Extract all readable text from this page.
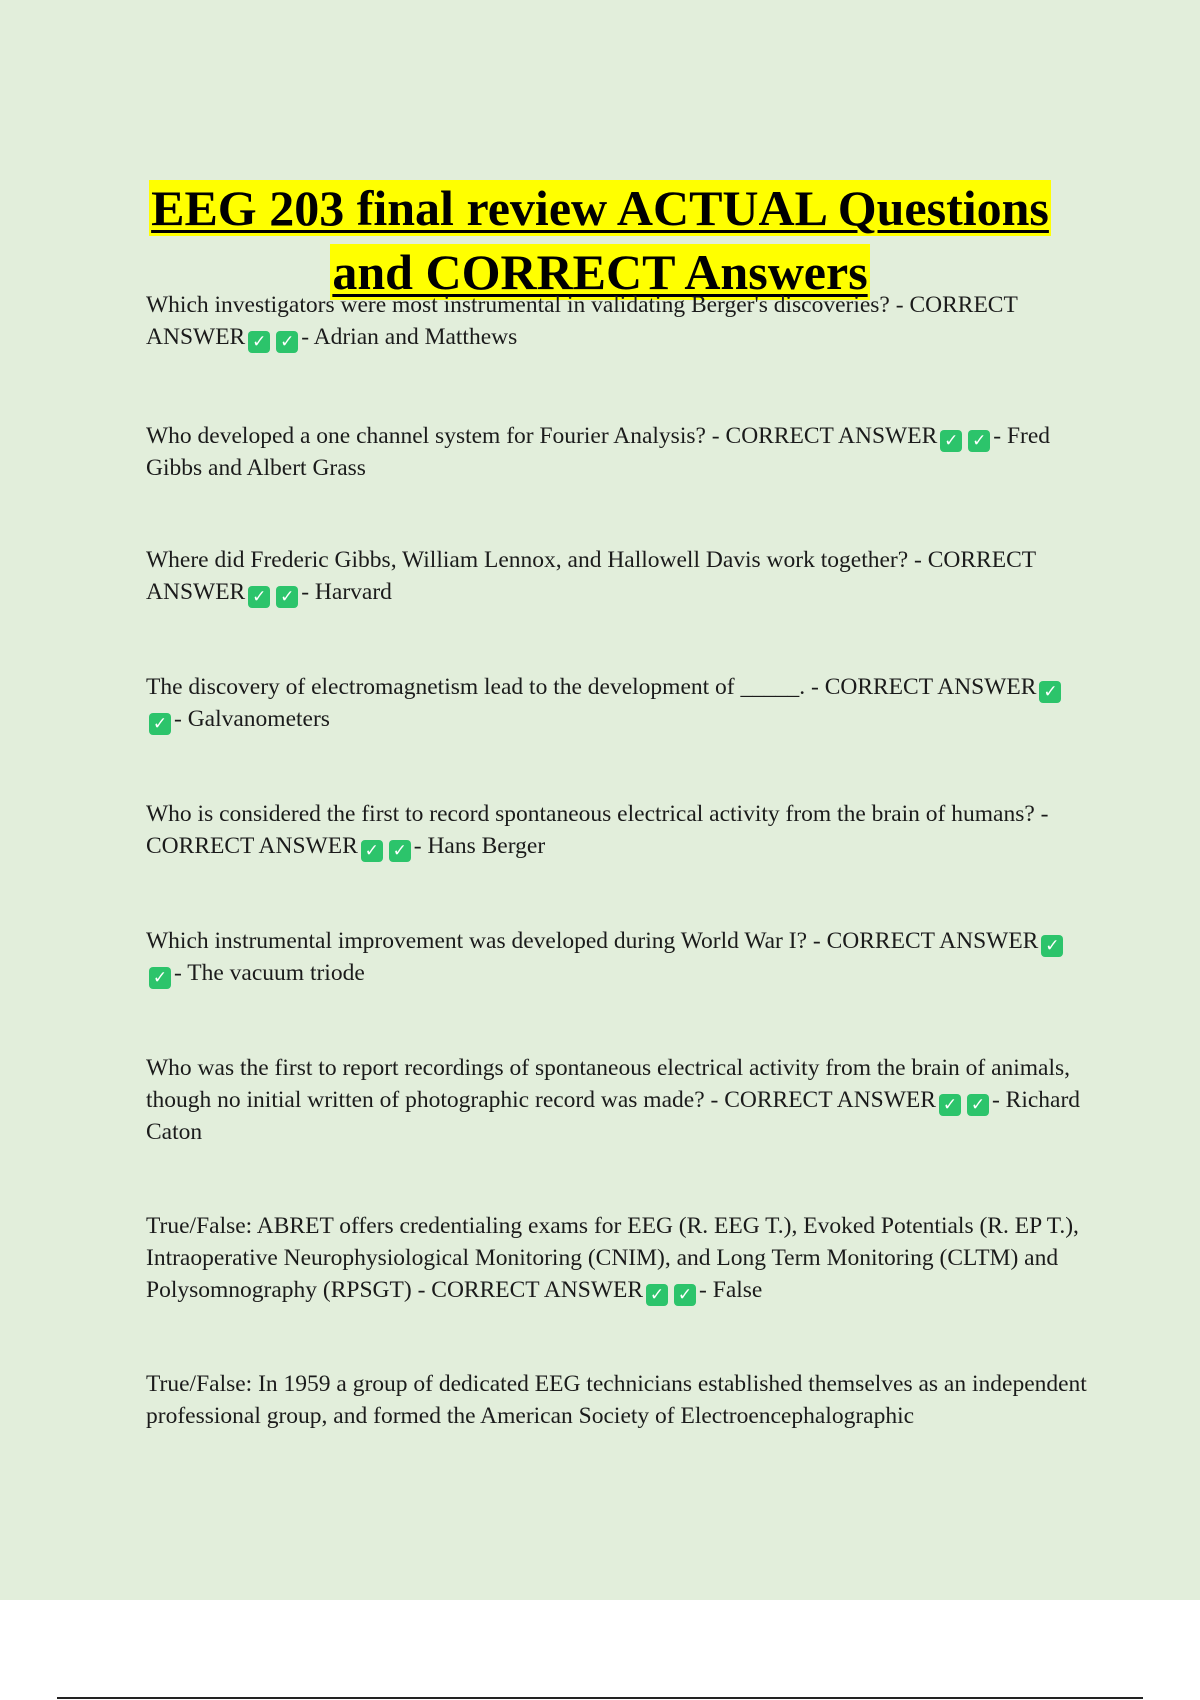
EEG 203 final review ACTUAL Questions
and CORRECT Answers

Which investigators were most instrumental in validating Berger's discoveries? - CORRECT ANSWER ✓ ✓ - Adrian and Matthews

Who developed a one channel system for Fourier Analysis? - CORRECT ANSWER ✓ ✓ - Fred Gibbs and Albert Grass

Where did Frederic Gibbs, William Lennox, and Hallowell Davis work together? - CORRECT ANSWER ✓ ✓ - Harvard

The discovery of electromagnetism lead to the development of _____. - CORRECT ANSWER ✓✓ - Galvanometers

Who is considered the first to record spontaneous electrical activity from the brain of humans? - CORRECT ANSWER ✓ ✓ - Hans Berger

Which instrumental improvement was developed during World War I? - CORRECT ANSWER ✓✓ - The vacuum triode

Who was the first to report recordings of spontaneous electrical activity from the brain of animals, though no initial written of photographic record was made? - CORRECT ANSWER ✓ ✓ - Richard Caton

True/False: ABRET offers credentialing exams for EEG (R. EEG T.), Evoked Potentials (R. EP T.), Intraoperative Neurophysiological Monitoring (CNIM), and Long Term Monitoring (CLTM) and Polysomnography (RPSGT) - CORRECT ANSWER ✓ ✓ - False

True/False: In 1959 a group of dedicated EEG technicians established themselves as an independent professional group, and formed the American Society of Electroencephalographic
